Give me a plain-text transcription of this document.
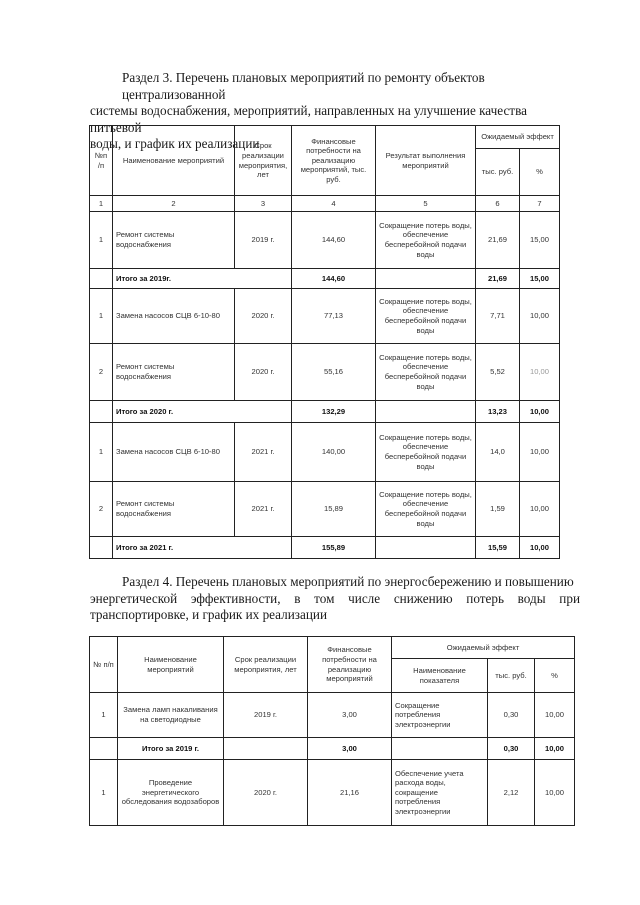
Раздел 3. Перечень плановых мероприятий по ремонту объектов централизованной
системы водоснабжения, мероприятий, направленных на улучшение качества питьевой
воды, и график их реализации
№п /п	Наименование мероприятий	Срок реализации мероприятия, лет	Финансовые потребности на реализацию мероприятий, тыс. руб.	Результат выполнения мероприятий	Ожидаемый эффект	
					тыс. руб.	%
1	2	3	4	5	6	7
1	Ремонт системы водоснабжения	2019 г.	144,60	Сокращение потерь воды, обеспечение бесперебойной подачи воды	21,69	15,00
	Итого за 2019г.		144,60		21,69	15,00
1	Замена насосов СЦВ 6-10-80	2020 г.	77,13	Сокращение потерь воды, обеспечение бесперебойной подачи воды	7,71	10,00
2	Ремонт системы водоснабжения	2020 г.	55,16	Сокращение потерь воды, обеспечение бесперебойной подачи воды	5,52	10,00
	Итого за 2020 г.		132,29		13,23	10,00
1	Замена насосов СЦВ 6-10-80	2021 г.	140,00	Сокращение потерь воды, обеспечение бесперебойной подачи воды	14,0	10,00
2	Ремонт системы водоснабжения	2021 г.	15,89	Сокращение потерь воды, обеспечение бесперебойной подачи воды	1,59	10,00
	Итого за 2021 г.		155,89		15,59	10,00
Раздел 4. Перечень плановых мероприятий по энергосбережению и повышению
энергетической эффективности, в том числе снижению потерь воды при
транспортировке, и график их реализации
№ п/п	Наименование мероприятий	Срок реализации мероприятия, лет	Финансовые потребности на реализацию мероприятий	Ожидаемый эффект		
				Наименование показателя	тыс. руб.	%
1	Замена ламп накаливания на светодиодные	2019 г.	3,00	Сокращение потребления электроэнергии	0,30	10,00
	Итого за 2019 г.		3,00		0,30	10,00
1	Проведение энергетического обследования водозаборов	2020 г.	21,16	Обеспечение учета расхода воды, сокращение потребления электроэнергии	2,12	10,00
